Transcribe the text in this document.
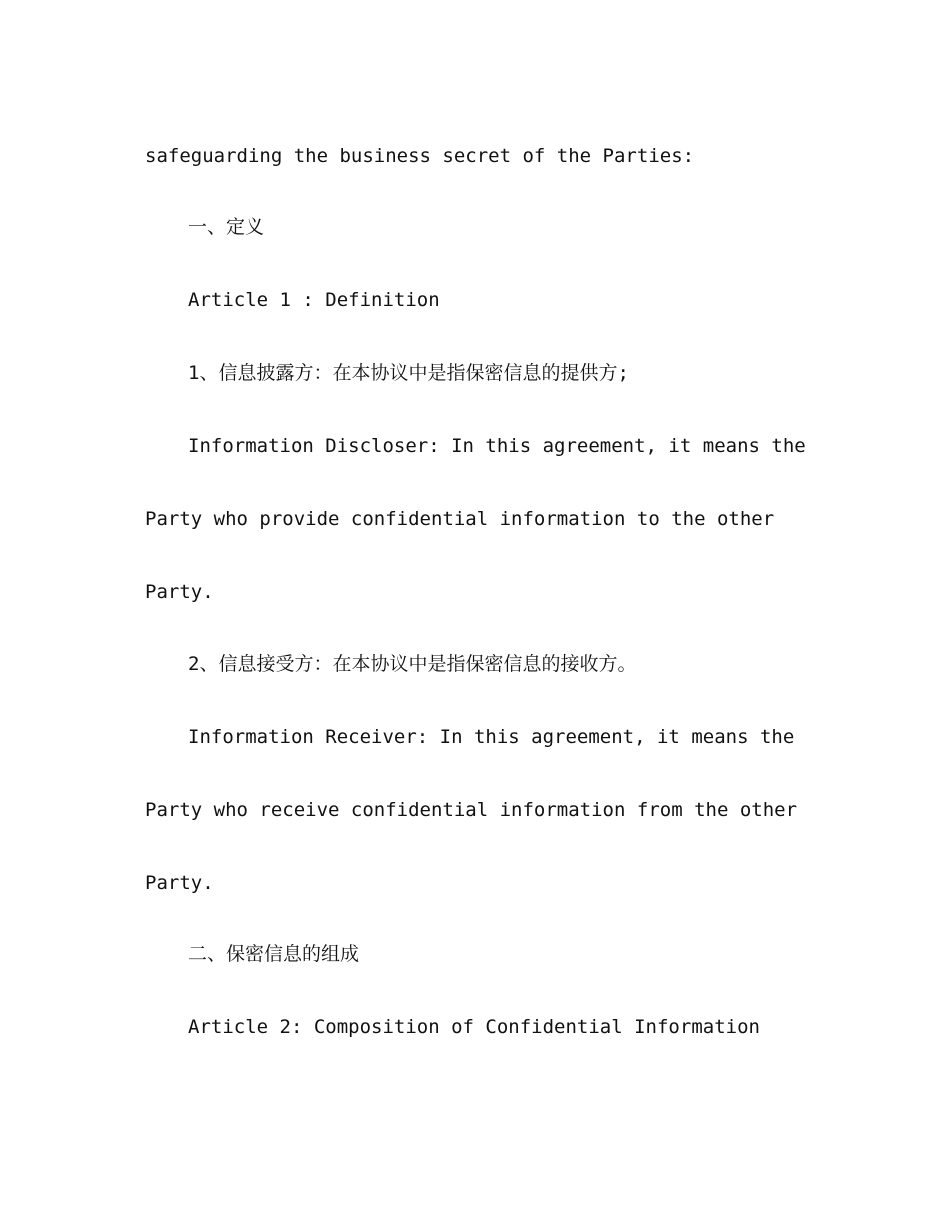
safeguarding the business secret of the Parties:
一、定义
Article 1 : Definition
1、信息披露方：在本协议中是指保密信息的提供方;
Information Discloser: In this agreement, it means the
Party who provide confidential information to the other
Party.
2、信息接受方：在本协议中是指保密信息的接收方。
Information Receiver: In this agreement, it means the
Party who receive confidential information from the other
Party.
二、保密信息的组成
Article 2: Composition of Confidential Information
